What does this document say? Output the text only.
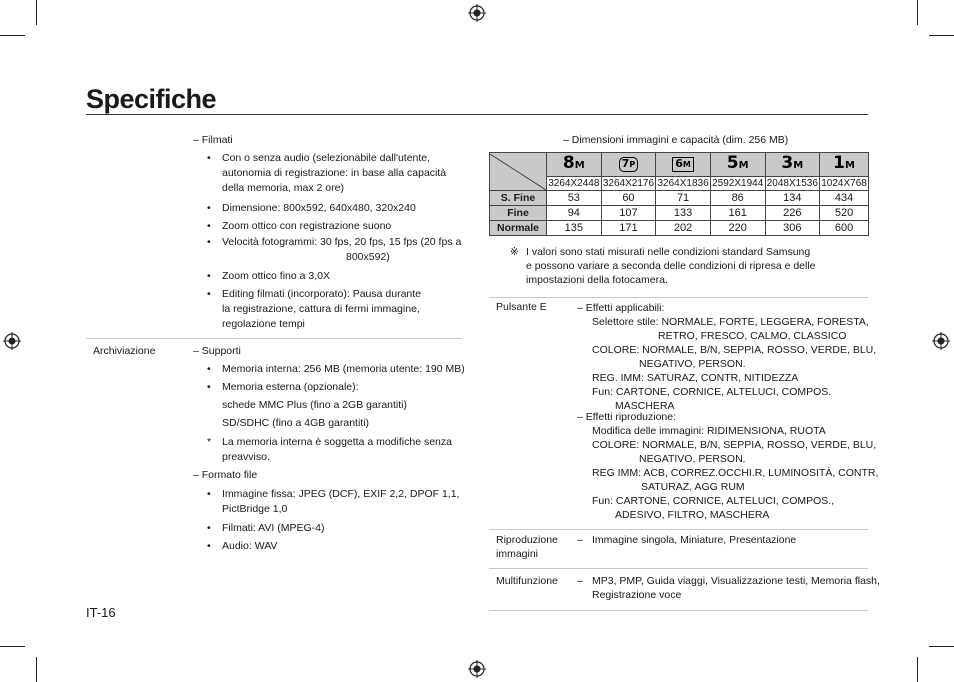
Specifiche
– Filmati
• Con o senza audio (selezionabile dall'utente,
autonomia di registrazione: in base alla capacità
della memoria, max 2 ore)
• Dimensione: 800x592, 640x480, 320x240
• Zoom ottico con registrazione suono
• Velocità fotogrammi: 30 fps, 20 fps, 15 fps (20 fps a
800x592)
• Zoom ottico fino a 3,0X
• Editing filmati (incorporato): Pausa durante
la registrazione, cattura di fermi immagine,
regolazione tempi
Archiviazione	– Supporti
• Memoria interna: 256 MB (memoria utente: 190 MB)
• Memoria esterna (opzionale):
schede MMC Plus (fino a 2GB garantiti)
SD/SDHC (fino a 4GB garantiti)
* La memoria interna è soggetta a modifiche senza
preavviso.
– Formato file
• Immagine fissa: JPEG (DCF), EXIF 2,2, DPOF 1,1,
PictBridge 1,0
• Filmati: AVI (MPEG-4)
• Audio: WAV
– Dimensioni immagini e capacità (dim. 256 MB)
	8M	7P	6M	5M	3M	1M
	3264X2448	3264X2176	3264X1836	2592X1944	2048X1536	1024X768
S. Fine	53	60	71	86	134	434
Fine	94	107	133	161	226	520
Normale	135	171	202	220	306	600
※ I valori sono stati misurati nelle condizioni standard Samsung
e possono variare a seconda delle condizioni di ripresa e delle
impostazioni della fotocamera.
Pulsante E	– Effetti applicabili:
Selettore stile: NORMALE, FORTE, LEGGERA, FORESTA,
RETRO, FRESCO, CALMO, CLASSICO
COLORE: NORMALE, B/N, SEPPIA, ROSSO, VERDE, BLU,
NEGATIVO, PERSON.
REG. IMM: SATURAZ, CONTR, NITIDEZZA
Fun: CARTONE, CORNICE, ALTELUCI, COMPOS.
MASCHERA
– Effetti riproduzione:
Modifica delle immagini: RIDIMENSIONA, RUOTA
COLORE: NORMALE, B/N, SEPPIA, ROSSO, VERDE, BLU,
NEGATIVO, PERSON.
REG IMM: ACB, CORREZ.OCCHI.R, LUMINOSITÀ, CONTR,
SATURAZ, AGG RUM
Fun: CARTONE, CORNICE, ALTELUCI, COMPOS.,
ADESIVO, FILTRO, MASCHERA
Riproduzione
immagini
– Immagine singola, Miniature, Presentazione
Multifunzione – MP3, PMP, Guida viaggi, Visualizzazione testi, Memoria flash,
Registrazione voce
IT-16
